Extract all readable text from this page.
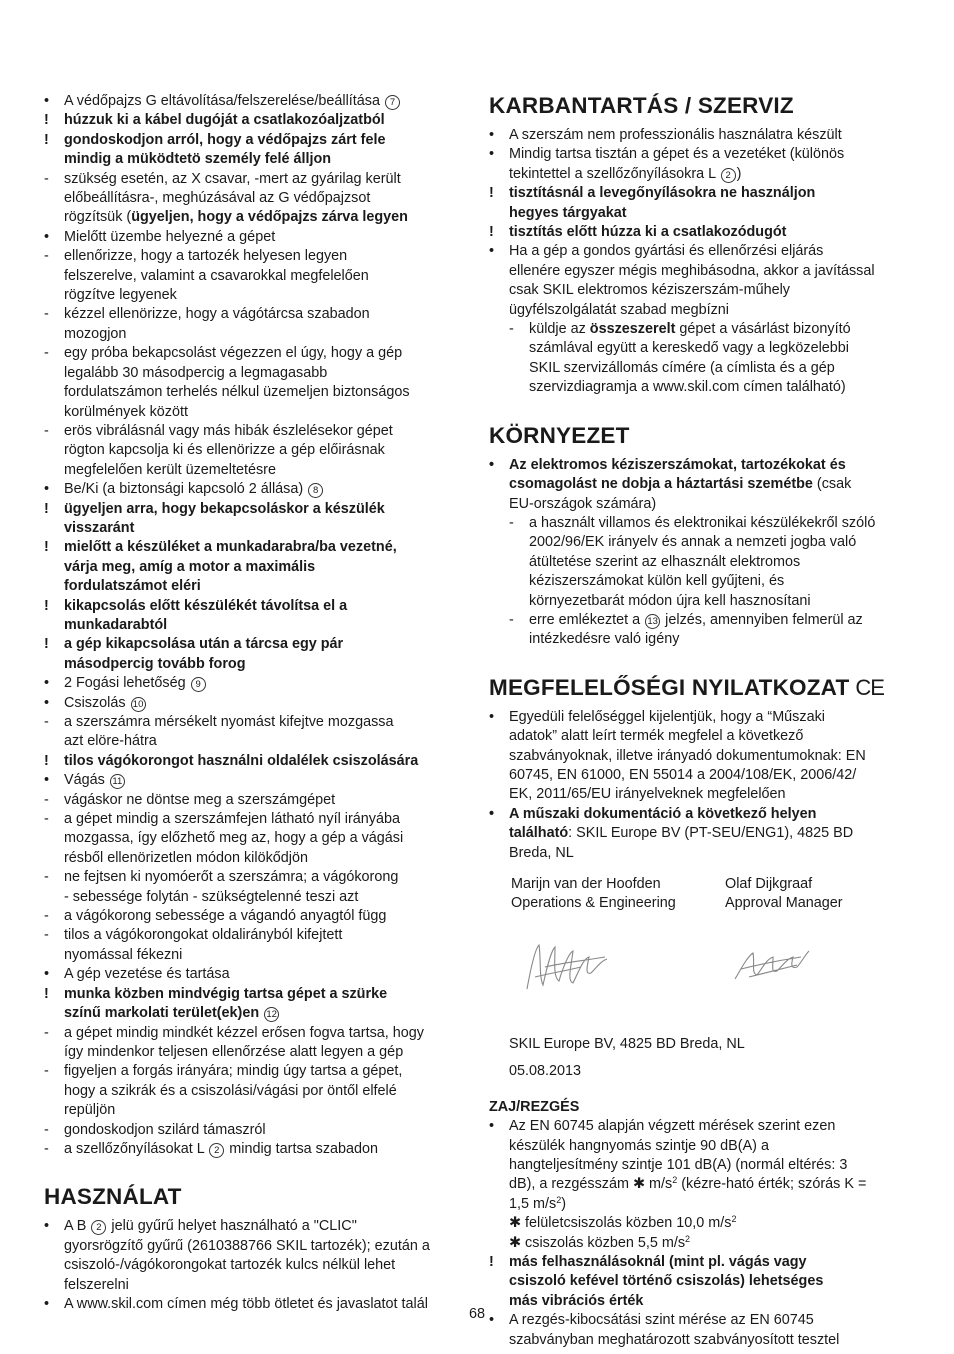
• A védőpajzs G eltávolítása/felszerelése/beállítása 7
! húzzuk ki a kábel dugóját a csatlakozóaljzatból
! gondoskodjon arról, hogy a védőpajzs zárt fele
mindig a müködtetö személy felé álljon
- szükség esetén, az X csavar, -mert az gyárilag került
előbeállításra-, meghúzásával az G védőpajzsot
rögzítsük (ügyeljen, hogy a védőpajzs zárva legyen
• Mielőtt üzembe helyezné a gépet
- ellenőrizze, hogy a tartozék helyesen legyen
felszerelve, valamint a csavarokkal megfelelően
rögzítve legyenek
- kézzel ellenörizze, hogy a vágótárcsa szabadon
mozogjon
- egy próba bekapcsolást végezzen el úgy, hogy a gép
legalább 30 másodpercig a legmagasabb
fordulatszámon terhelés nélkul üzemeljen biztonságos
korülmények között
- erös vibrálásnál vagy más hibák észlelésekor gépet
rögton kapcsolja ki és ellenörizze a gép előirásnak
megfelelően került üzemeltetésre
• Be/Ki (a biztonsági kapcsoló 2 állása) 8
! ügyeljen arra, hogy bekapcsoláskor a készülék
visszaránt
! mielőtt a készüléket a munkadarabra/ba vezetné,
várja meg, amíg a motor a maximális
fordulatszámot eléri
! kikapcsolás előtt készülékét távolítsa el a
munkadarabtól
! a gép kikapcsolása után a tárcsa egy pár
másodpercig tovább forog
• 2 Fogási lehetőség 9
• Csiszolás 10
- a szerszámra mérsékelt nyomást kifejtve mozgassa
azt elöre-hátra
! tilos vágókorongot használni oldalélek csiszolására
• Vágás 11
- vágáskor ne döntse meg a szerszámgépet
- a gépet mindig a szerszámfejen látható nyíl irányába
mozgassa, így előzhető meg az, hogy a gép a vágási
résből ellenörizetlen módon kilökődjön
- ne fejtsen ki nyomóerőt a szerszámra; a vágókorong
- sebessége folytán - szükségtelenné teszi azt
- a vágókorong sebessége a vágandó anyagtól függ
- tilos a vágókorongokat oldalirányból kifejtett
nyomással fékezni
• A gép vezetése és tartása
! munka közben mindvégig tartsa gépet a szürke
színű markolati terület(ek)en 12
- a gépet mindig mindkét kézzel erősen fogva tartsa, hogy
így mindenkor teljesen ellenőrzése alatt legyen a gép
- figyeljen a forgás irányára; mindig úgy tartsa a gépet,
hogy a szikrák és a csiszolási/vágási por öntől elfelé
repüljön
- gondoskodjon szilárd támaszról
- a szellőzőnyílásokat L 2 mindig tartsa szabadon
HASZNÁLAT
• A B 2 jelü gyűrű helyet használható a "CLIC"
gyorsrögzítő gyűrű (2610388766 SKIL tartozék); ezután a
csiszoló-/vágókorongokat tartozék kulcs nélkül lehet
felszerelni
• A www.skil.com címen még több ötletet és javaslatot talál
KARBANTARTÁS / SZERVIZ
• A szerszám nem professzionális használatra készült
• Mindig tartsa tisztán a gépet és a vezetéket (különös
tekintettel a szellőzőnyílásokra L 2 )
! tisztításnál a levegőnyílásokra ne használjon
hegyes tárgyakat
! tisztítás előtt húzza ki a csatlakozódugót
• Ha a gép a gondos gyártási és ellenőrzési eljárás
ellenére egyszer mégis meghibásodna, akkor a javítással
csak SKIL elektromos kéziszerszám-műhely
ügyfélszolgálatát szabad megbízni
- küldje az összeszerelt gépet a vásárlást bizonyító
számlával együtt a kereskedő vagy a legközelebbi
SKIL szervizállomás címére (a címlista és a gép
szervizdiagramja a www.skil.com címen található)
KÖRNYEZET
• Az elektromos kéziszerszámokat, tartozékokat és
csomagolást ne dobja a háztartási szemétbe (csak
EU-országok számára)
- a használt villamos és elektronikai készülékekről szóló
2002/96/EK irányelv és annak a nemzeti jogba való
átültetése szerint az elhasznált elektromos
kéziszerszámokat külön kell gyűjteni, és
környezetbarát módon újra kell hasznosítani
- erre emlékeztet a 13 jelzés, amennyiben felmerül az
intézkedésre való igény
MEGFELELŐSÉGI NYILATKOZAT CE
• Egyedüli felelőséggel kijelentjük, hogy a “Műszaki
adatok” alatt leírt termék megfelel a következő
szabványoknak, illetve irányadó dokumentumoknak: EN
60745, EN 61000, EN 55014 a 2004/108/EK, 2006/42/
EK, 2011/65/EU irányelveknek megfelelően
• A műszaki dokumentáció a következő helyen
található: SKIL Europe BV (PT-SEU/ENG1), 4825 BD
Breda, NL
Marijn van der Hoofden
Operations & Engineering
Olaf Dijkgraaf
Approval Manager
SKIL Europe BV, 4825 BD Breda, NL
05.08.2013
ZAJ/REZGÉS
• Az EN 60745 alapján végzett mérések szerint ezen
készülék hangnyomás szintje 90 dB(A) a
hangteljesítmény szintje 101 dB(A) (normál eltérés: 3
dB), a rezgésszám ✱ $m/s^2$ (kézre-ható érték; szórás K =
1,5 $m/s^2$)
✱ felületcsiszolás közben 10,0 $m/s^2$
✱ csiszolás közben 5,5 $m/s^2$
! más felhasználásoknál (mint pl. vágás vagy
csiszoló kefével történő csiszolás) lehetséges
más vibrációs érték
• A rezgés-kibocsátási szint mérése az EN 60745
szabványban meghatározott szabványosított tesztel
68
